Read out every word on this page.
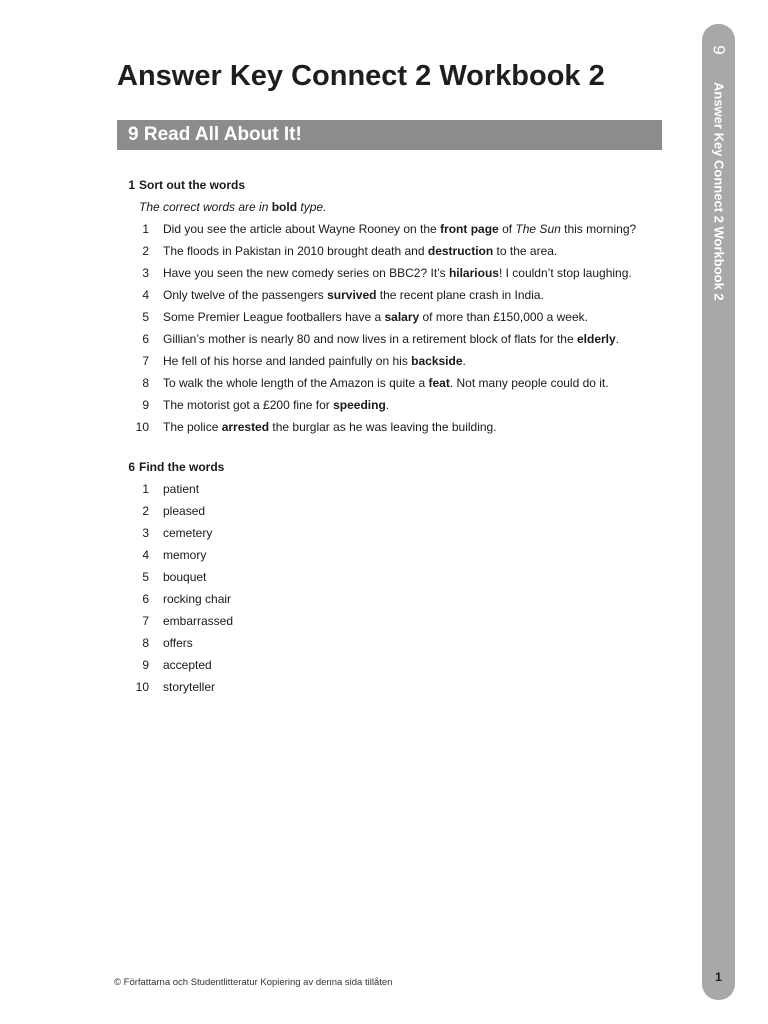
Answer Key Connect 2 Workbook 2
9 Read All About It!
1 Sort out the words
The correct words are in bold type.
1 Did you see the article about Wayne Rooney on the front page of The Sun this morning?
2 The floods in Pakistan in 2010 brought death and destruction to the area.
3 Have you seen the new comedy series on BBC2? It’s hilarious! I couldn’t stop laughing.
4 Only twelve of the passengers survived the recent plane crash in India.
5 Some Premier League footballers have a salary of more than £150,000 a week.
6 Gillian’s mother is nearly 80 and now lives in a retirement block of flats for the elderly.
7 He fell of his horse and landed painfully on his backside.
8 To walk the whole length of the Amazon is quite a feat. Not many people could do it.
9 The motorist got a £200 fine for speeding.
10 The police arrested the burglar as he was leaving the building.
6 Find the words
1 patient
2 pleased
3 cemetery
4 memory
5 bouquet
6 rocking chair
7 embarrassed
8 offers
9 accepted
10 storyteller
9
Answer Key Connect 2 Workbook 2
1
© Författarna och Studentlitteratur Kopiering av denna sida tillåten
